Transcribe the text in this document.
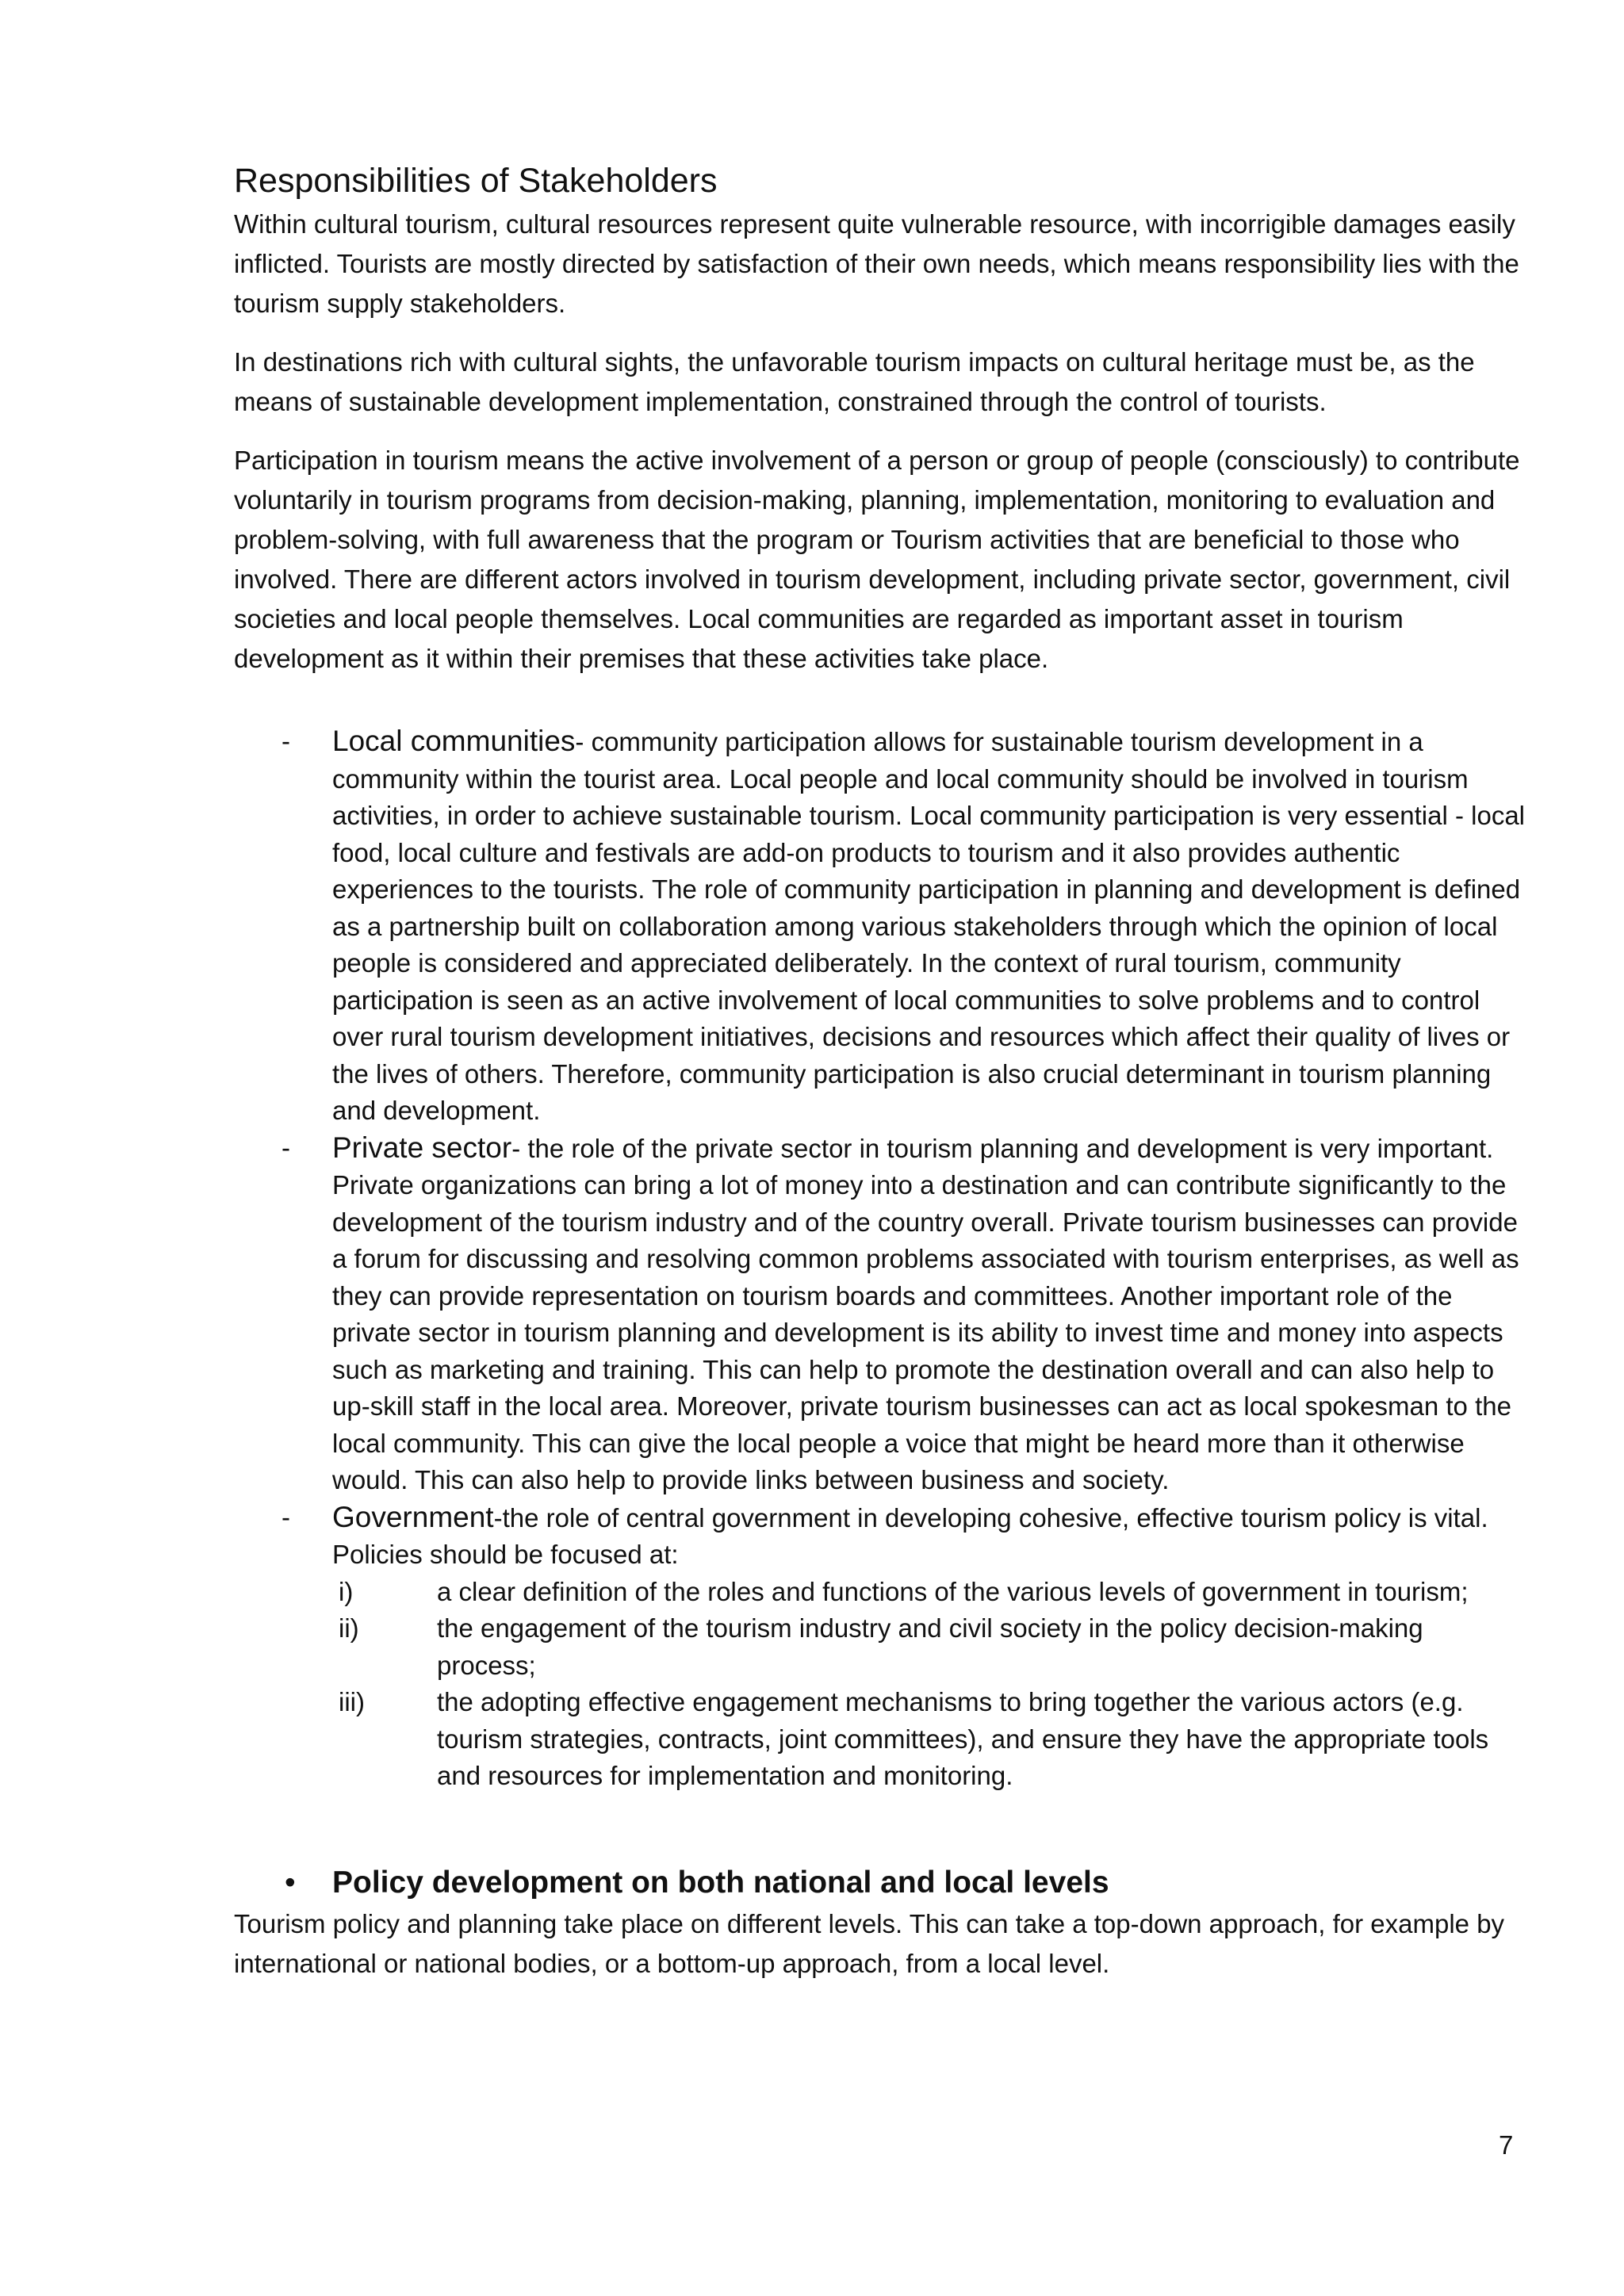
Responsibilities of Stakeholders

Within cultural tourism, cultural resources represent quite vulnerable resource, with incorrigible damages easily inflicted. Tourists are mostly directed by satisfaction of their own needs, which means responsibility lies with the tourism supply stakeholders.

In destinations rich with cultural sights, the unfavorable tourism impacts on cultural heritage must be, as the means of sustainable development implementation, constrained through the control of tourists.

Participation in tourism means the active involvement of a person or group of people (consciously) to contribute voluntarily in tourism programs from decision-making, planning, implementation, monitoring to evaluation and problem-solving, with full awareness that the program or Tourism activities that are beneficial to those who involved. There are different actors involved in tourism development, including private sector, government, civil societies and local people themselves. Local communities are regarded as important asset in tourism development as it within their premises that these activities take place.

- Local communities- community participation allows for sustainable tourism development in a community within the tourist area. Local people and local community should be involved in tourism activities, in order to achieve sustainable tourism. Local community participation is very essential - local food, local culture and festivals are add-on products to tourism and it also provides authentic experiences to the tourists. The role of community participation in planning and development is defined as a partnership built on collaboration among various stakeholders through which the opinion of local people is considered and appreciated deliberately. In the context of rural tourism, community participation is seen as an active involvement of local communities to solve problems and to control over rural tourism development initiatives, decisions and resources which affect their quality of lives or the lives of others. Therefore, community participation is also crucial determinant in tourism planning and development.
- Private sector- the role of the private sector in tourism planning and development is very important. Private organizations can bring a lot of money into a destination and can contribute significantly to the development of the tourism industry and of the country overall. Private tourism businesses can provide a forum for discussing and resolving common problems associated with tourism enterprises, as well as they can provide representation on tourism boards and committees. Another important role of the private sector in tourism planning and development is its ability to invest time and money into aspects such as marketing and training. This can help to promote the destination overall and can also help to up-skill staff in the local area. Moreover, private tourism businesses can act as local spokesman to the local community. This can give the local people a voice that might be heard more than it otherwise would. This can also help to provide links between business and society.
- Government-the role of central government in developing cohesive, effective tourism policy is vital. Policies should be focused at:
i)	a clear definition of the roles and functions of the various levels of government in tourism;
ii)	the engagement of the tourism industry and civil society in the policy decision-making process;
iii)	the adopting effective engagement mechanisms to bring together the various actors (e.g. tourism strategies, contracts, joint committees), and ensure they have the appropriate tools and resources for implementation and monitoring.
• Policy development on both national and local levels

Tourism policy and planning take place on different levels. This can take a top-down approach, for example by international or national bodies, or a bottom-up approach, from a local level.

7
